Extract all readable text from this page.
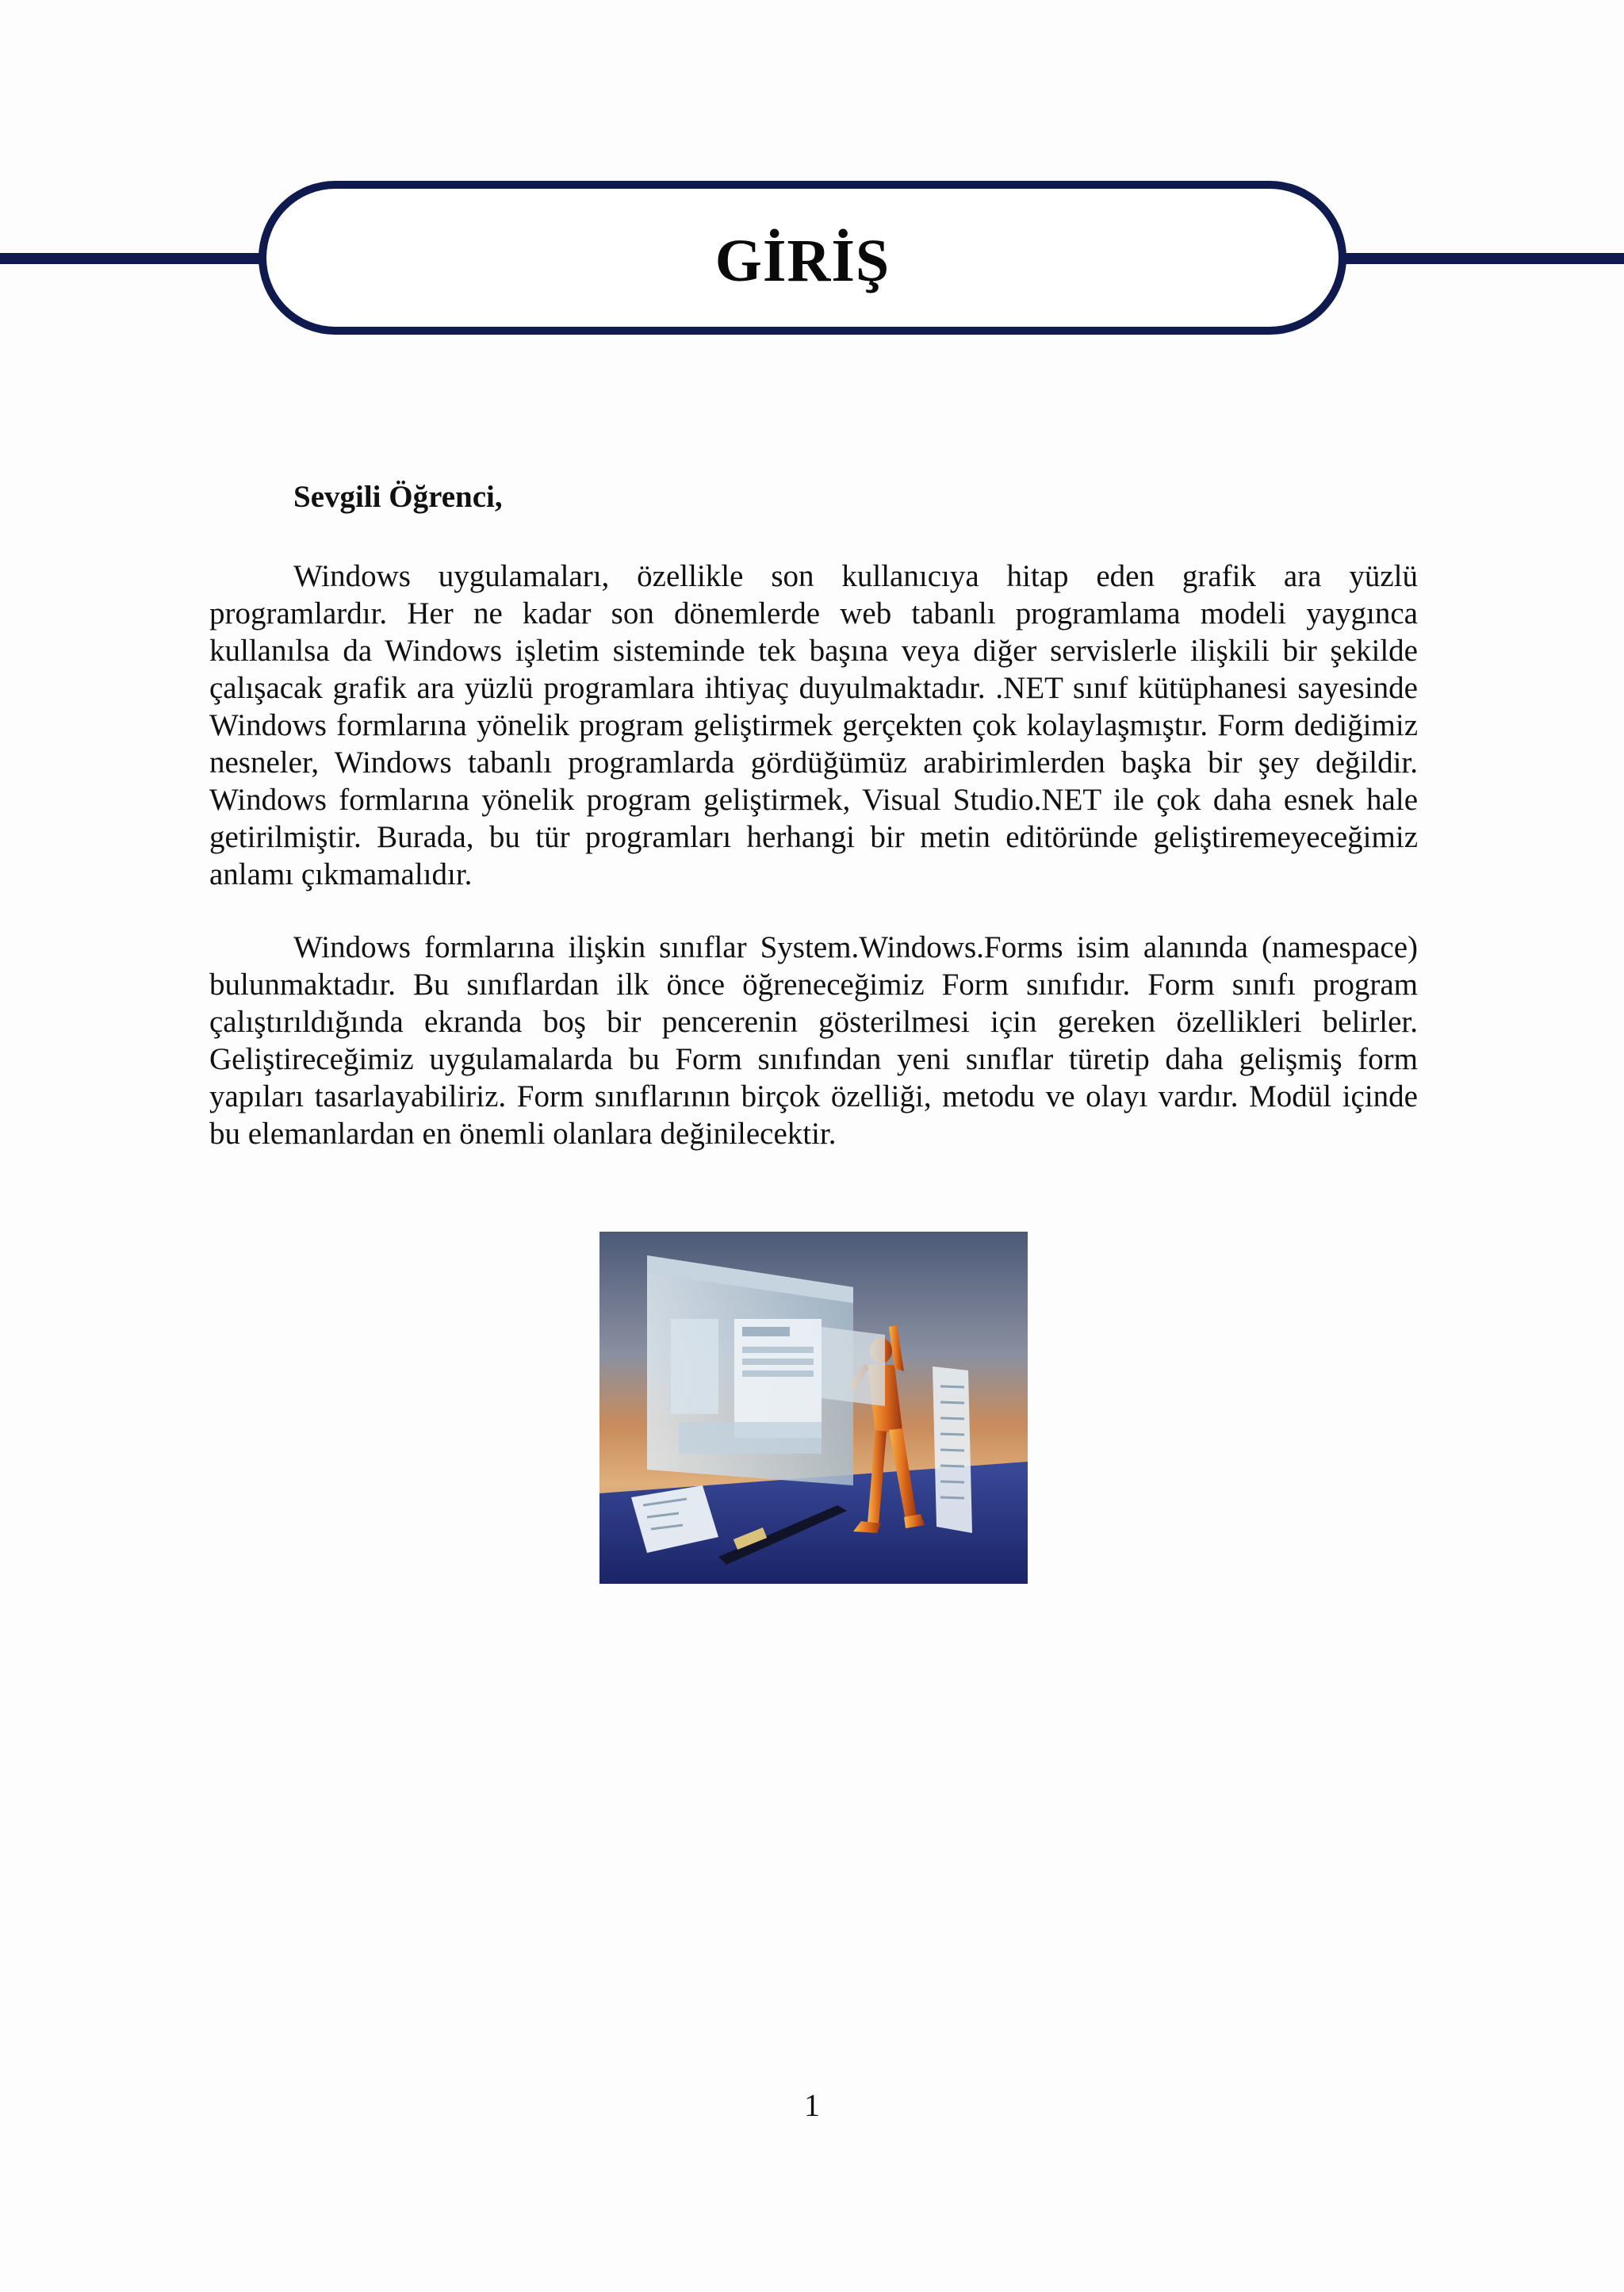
GİRİŞ
Sevgili Öğrenci,

Windows uygulamaları, özellikle son kullanıcıya hitap eden grafik ara yüzlü programlardır. Her ne kadar son dönemlerde web tabanlı programlama modeli yaygınca kullanılsa da Windows işletim sisteminde tek başına veya diğer servislerle ilişkili bir şekilde çalışacak grafik ara yüzlü programlara ihtiyaç duyulmaktadır. .NET sınıf kütüphanesi sayesinde Windows formlarına yönelik program geliştirmek gerçekten çok kolaylaşmıştır. Form dediğimiz nesneler, Windows tabanlı programlarda gördüğümüz arabirimlerden başka bir şey değildir. Windows formlarına yönelik program geliştirmek, Visual Studio.NET ile çok daha esnek hale getirilmiştir. Burada, bu tür programları herhangi bir metin editöründe geliştiremeyeceğimiz anlamı çıkmamalıdır.

Windows formlarına ilişkin sınıflar System.Windows.Forms isim alanında (namespace) bulunmaktadır. Bu sınıflardan ilk önce öğreneceğimiz Form sınıfıdır. Form sınıfı program çalıştırıldığında ekranda boş bir pencerenin gösterilmesi için gereken özellikleri belirler. Geliştireceğimiz uygulamalarda bu Form sınıfından yeni sınıflar türetip daha gelişmiş form yapıları tasarlayabiliriz. Form sınıflarının birçok özelliği, metodu ve olayı vardır. Modül içinde bu elemanlardan en önemli olanlara değinilecektir.

1
